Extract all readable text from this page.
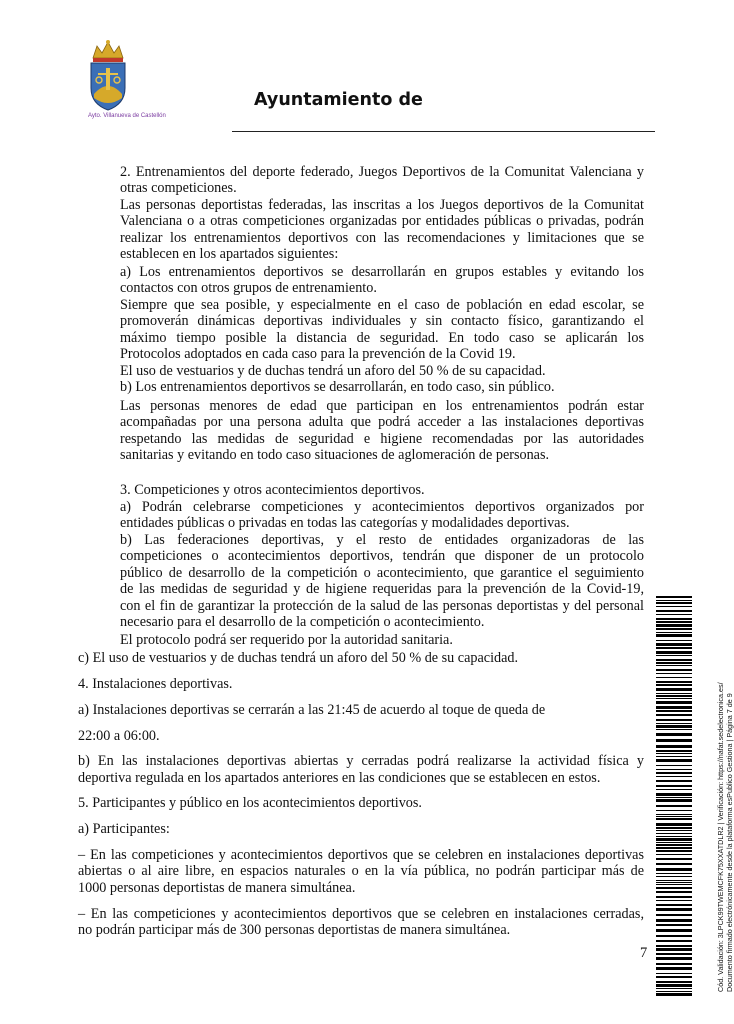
Ayto. Villanueva de Castellón
Ayuntamiento de
2. Entrenamientos del deporte federado, Juegos Deportivos de la Comunitat Valenciana y
otras competiciones.
Las personas deportistas federadas, las inscritas a los Juegos deportivos de la Comunitat
Valenciana o a otras competiciones organizadas por entidades públicas o privadas, podrán
realizar los entrenamientos deportivos con las recomendaciones y limitaciones que se
establecen en los apartados siguientes:
a) Los entrenamientos deportivos se desarrollarán en grupos estables y evitando los
contactos con otros grupos de entrenamiento.
Siempre que sea posible, y especialmente en el caso de población en edad escolar, se
promoverán dinámicas deportivas individuales y sin contacto físico, garantizando el
máximo tiempo posible la distancia de seguridad. En todo caso se aplicarán los
Protocolos adoptados en cada caso para la prevención de la Covid 19.
El uso de vestuarios y de duchas tendrá un aforo del 50 % de su capacidad.
b) Los entrenamientos deportivos se desarrollarán, en todo caso, sin público.
Las personas menores de edad que participan en los entrenamientos podrán estar
acompañadas por una persona adulta que podrá acceder a las instalaciones deportivas
respetando las medidas de seguridad e higiene recomendadas por las autoridades
sanitarias y evitando en todo caso situaciones de aglomeración de personas.
3. Competiciones y otros acontecimientos deportivos.
a) Podrán celebrarse competiciones y acontecimientos deportivos organizados por
entidades públicas o privadas en todas las categorías y modalidades deportivas.
b) Las federaciones deportivas, y el resto de entidades organizadoras de las
competiciones o acontecimientos deportivos, tendrán que disponer de un protocolo
público de desarrollo de la competición o acontecimiento, que garantice el seguimiento
de las medidas de seguridad y de higiene requeridas para la prevención de la Covid-19,
con el fin de garantizar la protección de la salud de las personas deportistas y del personal
necesario para el desarrollo de la competición o acontecimiento.
El protocolo podrá ser requerido por la autoridad sanitaria.
c) El uso de vestuarios y de duchas tendrá un aforo del 50 % de su capacidad.
4. Instalaciones deportivas.
a) Instalaciones deportivas se cerrarán a las 21:45 de acuerdo al toque de queda de
22:00 a 06:00.
b) En las instalaciones deportivas abiertas y cerradas podrá realizarse la actividad física y
deportiva regulada en los apartados anteriores en las condiciones que se establecen en estos.
5. Participantes y público en los acontecimientos deportivos.
a) Participantes:
– En las competiciones y acontecimientos deportivos que se celebren en instalaciones deportivas
abiertas o al aire libre, en espacios naturales o en la vía pública, no podrán participar más de
1000 personas deportistas de manera simultánea.
– En las competiciones y acontecimientos deportivos que se celebren en instalaciones cerradas,
no podrán participar más de 300 personas deportistas de manera simultánea.
7	Cód. Validación: 3LPCK99TWEMCFK75XXATDLR2 | Verificación: https://nafat.sedelectronica.es/ Documento firmado electrónicamente desde la plataforma esPublico Gestiona | Página 7 de 9
